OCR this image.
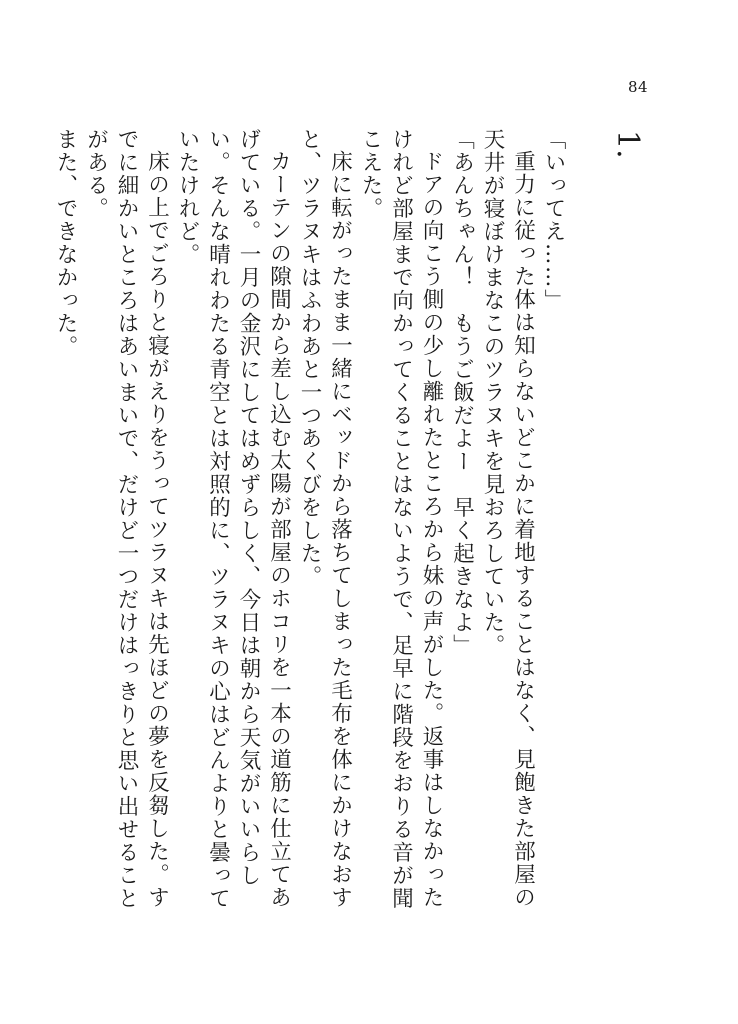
84
1.

「いってえ……」

重力に従った体は知らないどこかに着地することはなく、見飽きた部屋の天井が寝ぼけまなこのツラヌキを見おろしていた。

「あんちゃん！　もうご飯だよー　早く起きなよ」

ドアの向こう側の少し離れたところから妹の声がした。返事はしなかったけれど部屋まで向かってくることはないようで、足早に階段をおりる音が聞こえた。

床に転がったまま一緒にベッドから落ちてしまった毛布を体にかけなおすと、ツラヌキはふわあと一つあくびをした。

カーテンの隙間から差し込む太陽が部屋のホコリを一本の道筋に仕立てあげている。一月の金沢にしてはめずらしく、今日は朝から天気がいいらしい。そんな晴れわたる青空とは対照的に、ツラヌキの心はどんよりと曇っていたけれど。

床の上でごろりと寝がえりをうってツラヌキは先ほどの夢を反芻した。すでに細かいところはあいまいで、だけど一つだけはっきりと思い出せることがある。

また、できなかった。
